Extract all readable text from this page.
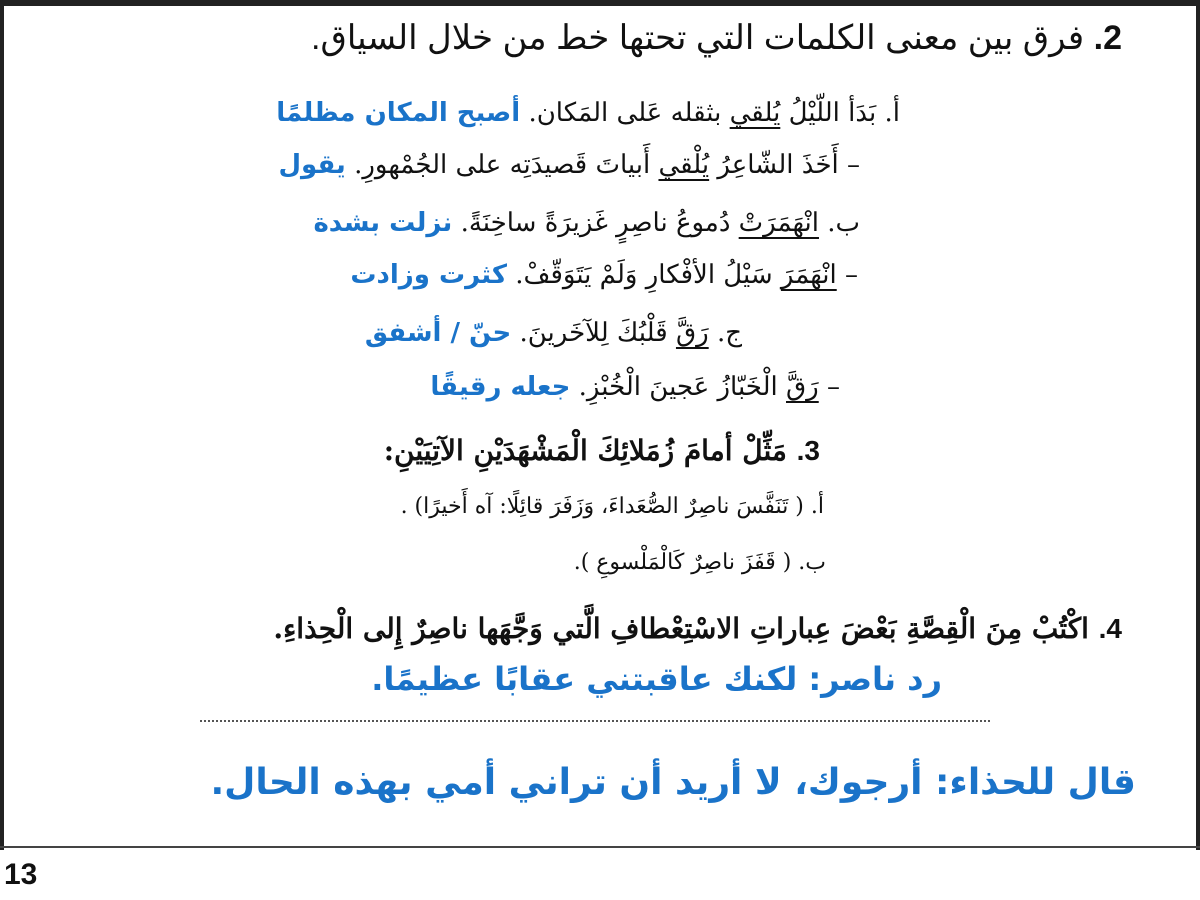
2. فرق بين معنى الكلمات التي تحتها خط من خلال السياق.
أ. بَدَأ اللّيْلُ يُلقي بثقله عَلى المَكان. أصبح المكان مظلمًا
– أَخَذَ الشّاعِرُ يُلْقي أَبياتَ قَصيدَتِه على الجُمْهورِ. يقول
ب. انْهَمَرَتْ دُموعُ ناصِرٍ غَزيرَةً ساخِنَةً. نزلت بشدة
– انْهَمَرَ سَيْلُ الأفْكارِ وَلَمْ يَتَوَقّفْ. كثرت وزادت
ج. رَقَّ قَلْبُكَ لِلآخَرينَ. حنّ / أشفق
– رَقَّ الْخَبّازُ عَجينَ الْخُبْزِ. جعله رقيقًا
3. مَثِّلْ أمامَ زُمَلائِكَ الْمَشْهَدَيْنِ الآتِيَيْنِ:
أ. ( تَنَفَّسَ ناصِرٌ الصُّعَداءَ، وَزَفَرَ قائِلًا: آه أَخيرًا) .
ب. ( قَفَزَ ناصِرٌ كَالْمَلْسوعِ ).
4. اكْتُبْ مِنَ الْقِصَّةِ بَعْضَ عِباراتِ الاسْتِعْطافِ الَّتي وَجَّهَها ناصِرٌ إِلى الْحِذاءِ.
رد ناصر: لكنك عاقبتني عقابًا عظيمًا.
قال للحذاء: أرجوك، لا أريد أن تراني أمي بهذه الحال.
13
